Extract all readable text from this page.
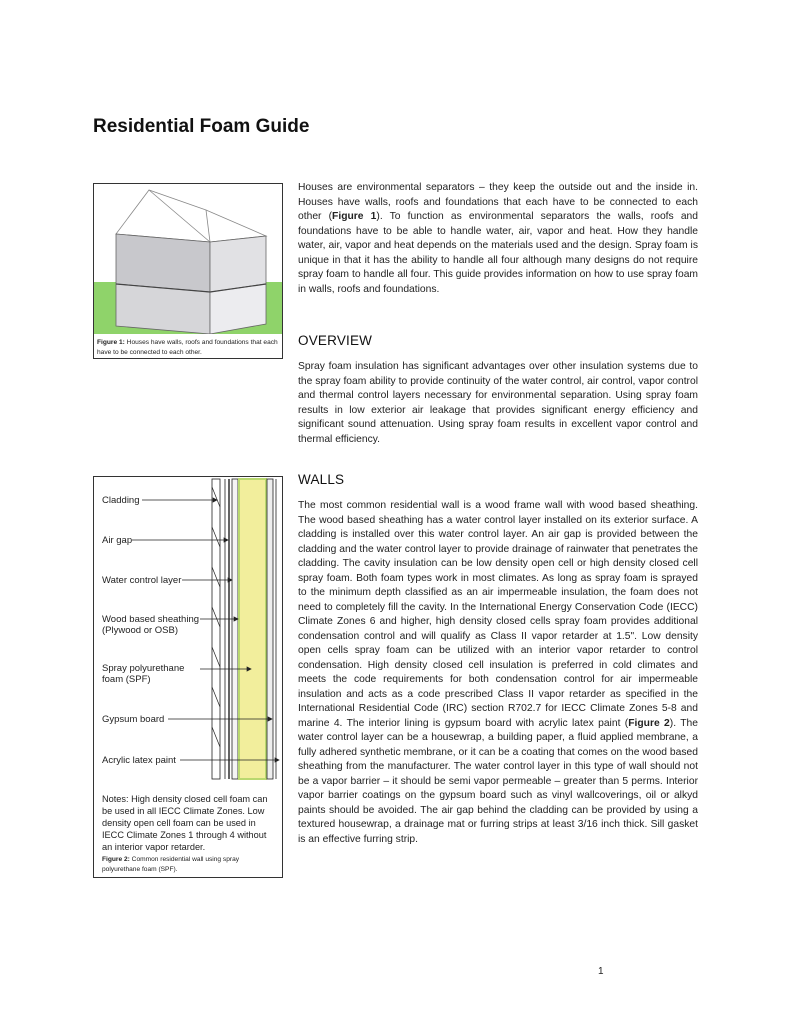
Residential Foam Guide

Figure 1: Houses have walls, roofs and foundations that each have to be connected to each other.

Houses are environmental separators – they keep the outside out and the inside in. Houses have walls, roofs and foundations that each have to be connected to each other (Figure 1). To function as environmental separators the walls, roofs and foundations have to be able to handle water, air, vapor and heat. How they handle water, air, vapor and heat depends on the materials used and the design. Spray foam is unique in that it has the ability to handle all four although many designs do not require spray foam to handle all four. This guide provides information on how to use spray foam in walls, roofs and foundations.

OVERVIEW

Spray foam insulation has significant advantages over other insulation systems due to the spray foam ability to provide continuity of the water control, air control, vapor control and thermal control layers necessary for environmental separation. Using spray foam results in low exterior air leakage that provides significant energy efficiency and significant sound attenuation. Using spray foam results in excellent vapor control and thermal efficiency.

WALLS

The most common residential wall is a wood frame wall with wood based sheathing. The wood based sheathing has a water control layer installed on its exterior surface. A cladding is installed over this water control layer. An air gap is provided between the cladding and the water control layer to provide drainage of rainwater that penetrates the cladding. The cavity insulation can be low density open cell or high density closed cell spray foam. Both foam types work in most climates. As long as spray foam is sprayed to the minimum depth classified as an air impermeable insulation, the foam does not need to completely fill the cavity. In the International Energy Conservation Code (IECC) Climate Zones 6 and higher, high density closed cells spray foam provides additional condensation control and will qualify as Class II vapor retarder at 1.5". Low density open cells spray foam can be utilized with an interior vapor retarder to control condensation. High density closed cell insulation is preferred in cold climates and meets the code requirements for both condensation control for air impermeable insulation and acts as a code prescribed Class II vapor retarder as specified in the International Residential Code (IRC) section R702.7 for IECC Climate Zones 5-8 and marine 4. The interior lining is gypsum board with acrylic latex paint (Figure 2). The water control layer can be a housewrap, a building paper, a fluid applied membrane, a fully adhered synthetic membrane, or it can be a coating that comes on the wood based sheathing from the manufacturer. The water control layer in this type of wall should not be a vapor barrier – it should be semi vapor permeable – greater than 5 perms. Interior vapor barrier coatings on the gypsum board such as vinyl wallcoverings, oil or alkyd paints should be avoided. The air gap behind the cladding can be provided by using a textured housewrap, a drainage mat or furring strips at least 3/16 inch thick. Sill gasket is an effective furring strip.

Cladding

Air gap

Water control layer

Wood based sheathing (Plywood or OSB)

Spray polyurethane foam (SPF)

Gypsum board

Acrylic latex paint

Notes: High density closed cell foam can be used in all IECC Climate Zones. Low density open cell foam can be used in IECC Climate Zones 1 through 4 without an interior vapor retarder.

Figure 2: Common residential wall using spray polyurethane foam (SPF).

1
